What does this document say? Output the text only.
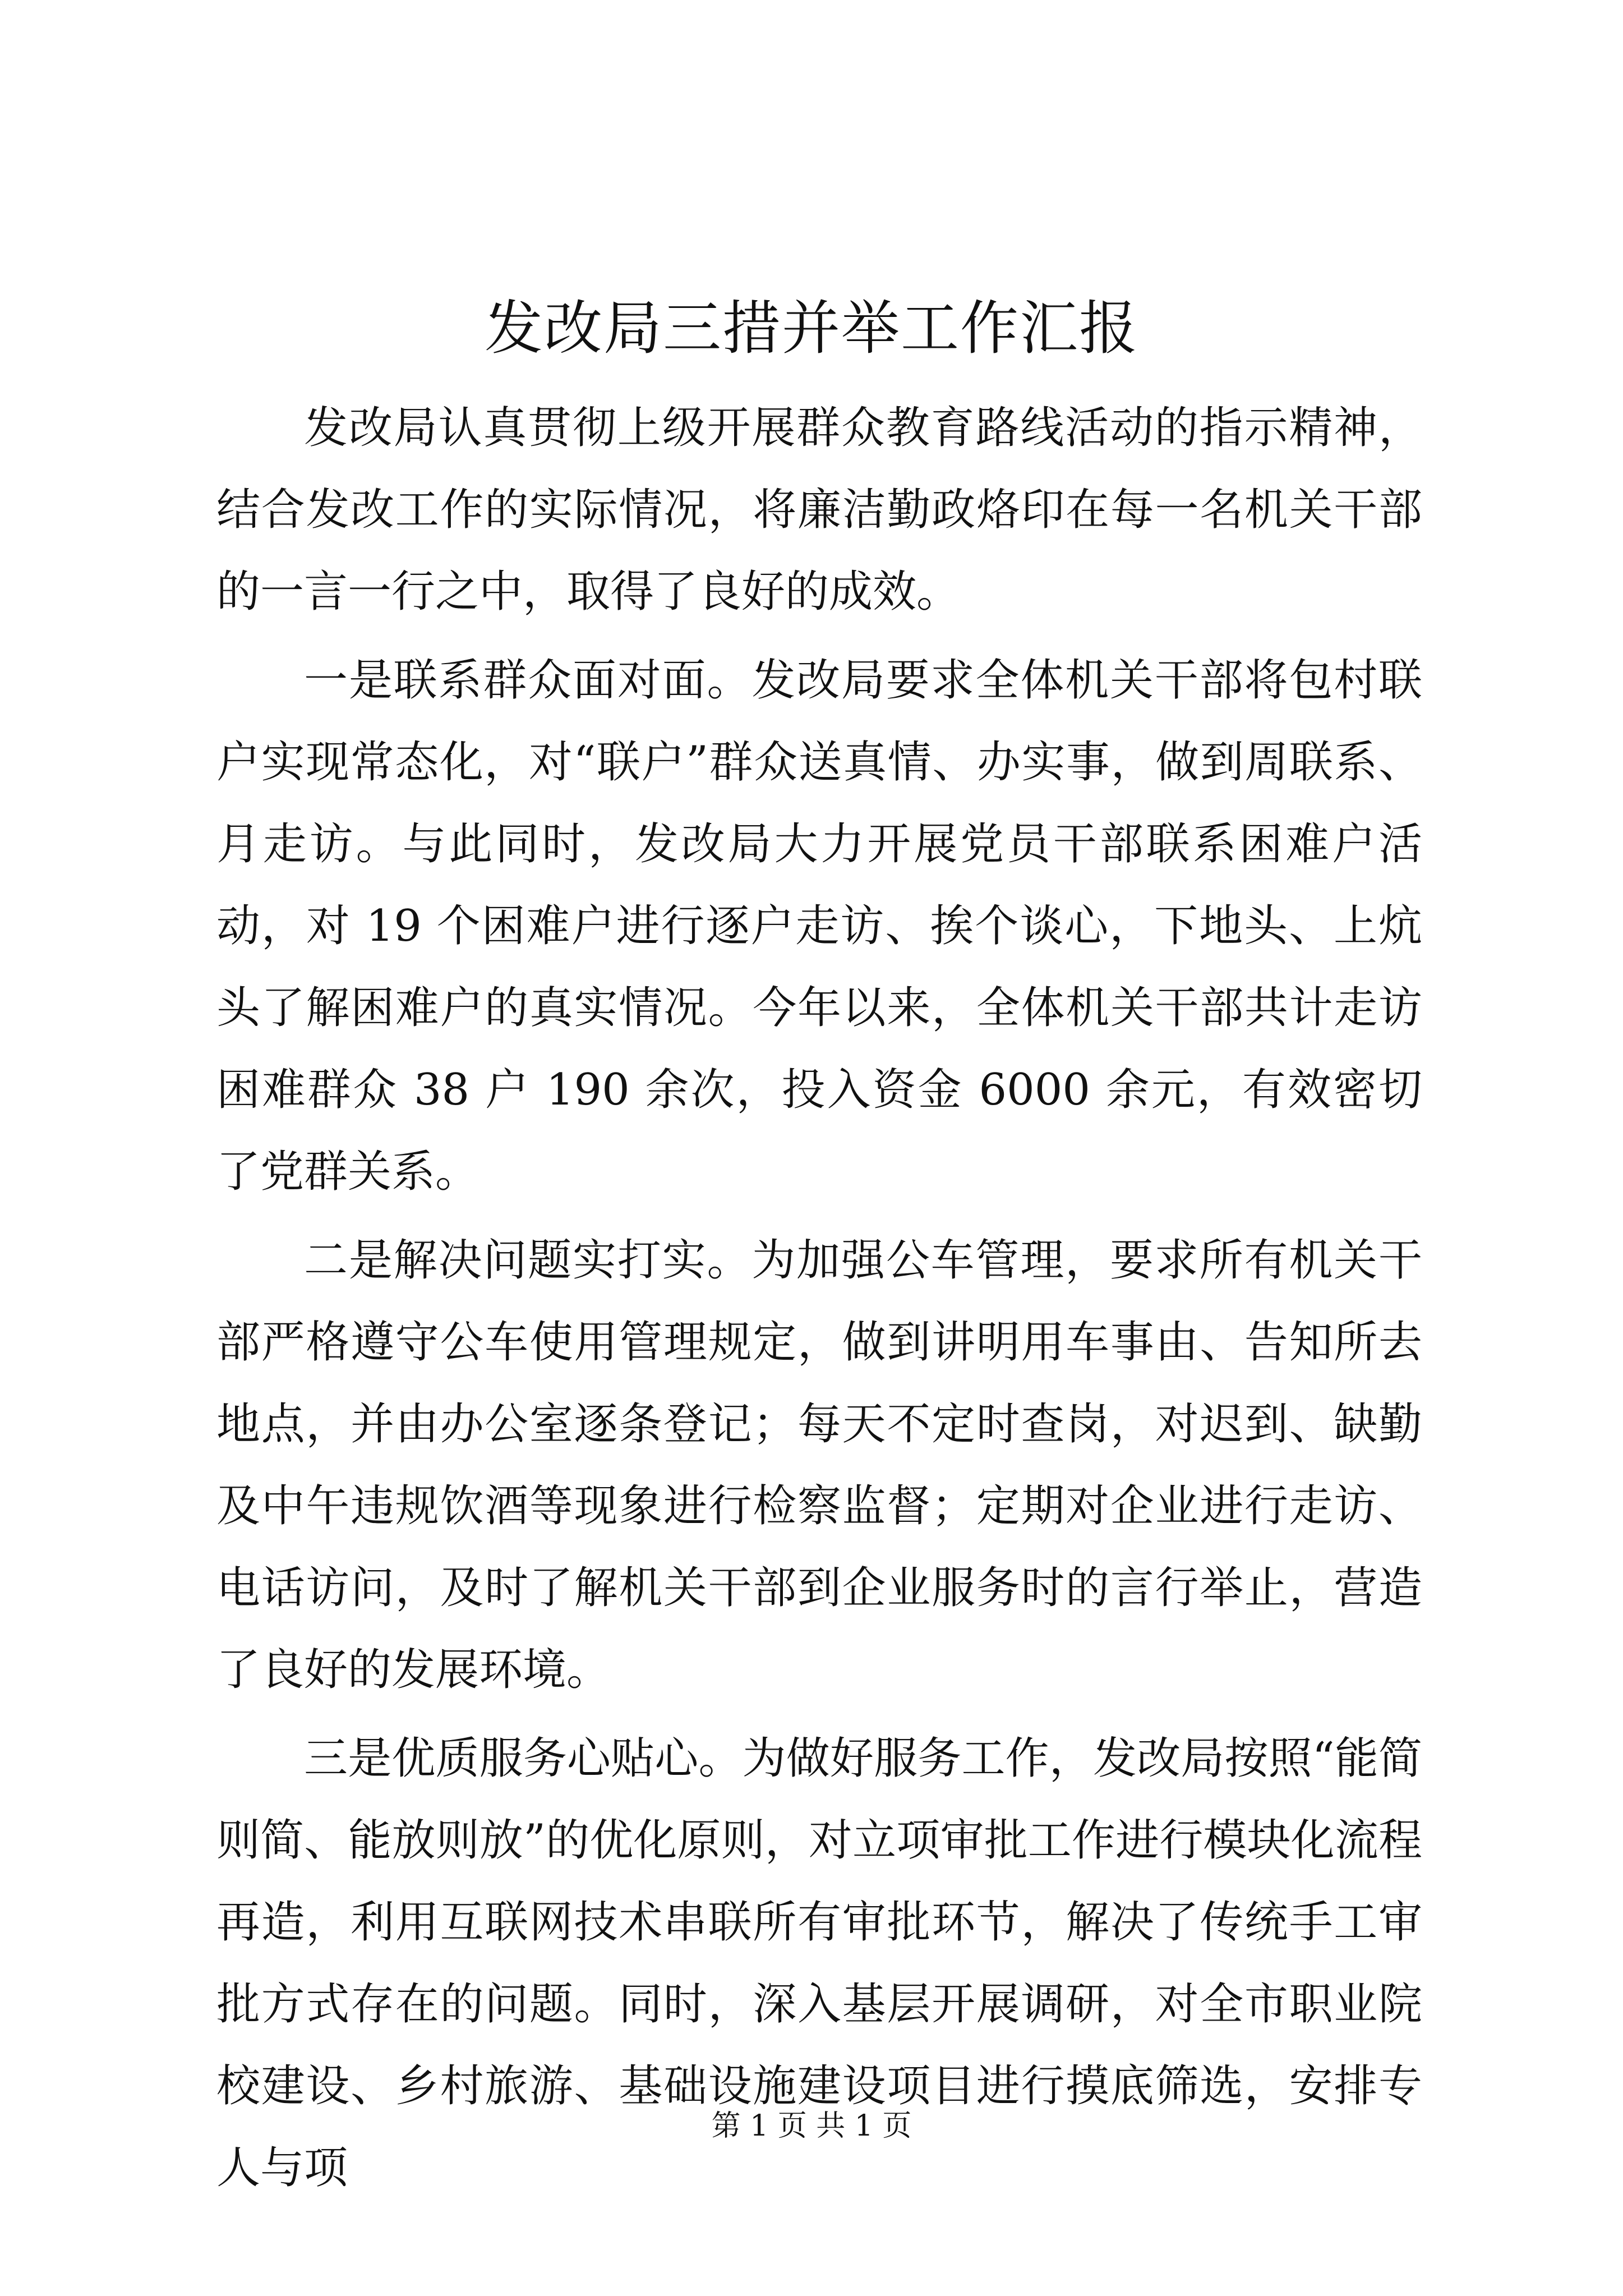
发改局三措并举工作汇报

发改局认真贯彻上级开展群众教育路线活动的指示精神，结合发改工作的实际情况，将廉洁勤政烙印在每一名机关干部的一言一行之中，取得了良好的成效。

一是联系群众面对面。发改局要求全体机关干部将包村联户实现常态化，对“联户”群众送真情、办实事，做到周联系、月走访。与此同时，发改局大力开展党员干部联系困难户活动，对 19 个困难户进行逐户走访、挨个谈心，下地头、上炕头了解困难户的真实情况。今年以来，全体机关干部共计走访困难群众 38 户 190 余次，投入资金 6000 余元，有效密切了党群关系。

二是解决问题实打实。为加强公车管理，要求所有机关干部严格遵守公车使用管理规定，做到讲明用车事由、告知所去地点，并由办公室逐条登记；每天不定时查岗，对迟到、缺勤及中午违规饮酒等现象进行检察监督；定期对企业进行走访、电话访问，及时了解机关干部到企业服务时的言行举止，营造了良好的发展环境。

三是优质服务心贴心。为做好服务工作，发改局按照“能简则简、能放则放”的优化原则，对立项审批工作进行模块化流程再造，利用互联网技术串联所有审批环节，解决了传统手工审批方式存在的问题。同时，深入基层开展调研，对全市职业院校建设、乡村旅游、基础设施建设项目进行摸底筛选，安排专人与项

第 1 页 共 1 页
